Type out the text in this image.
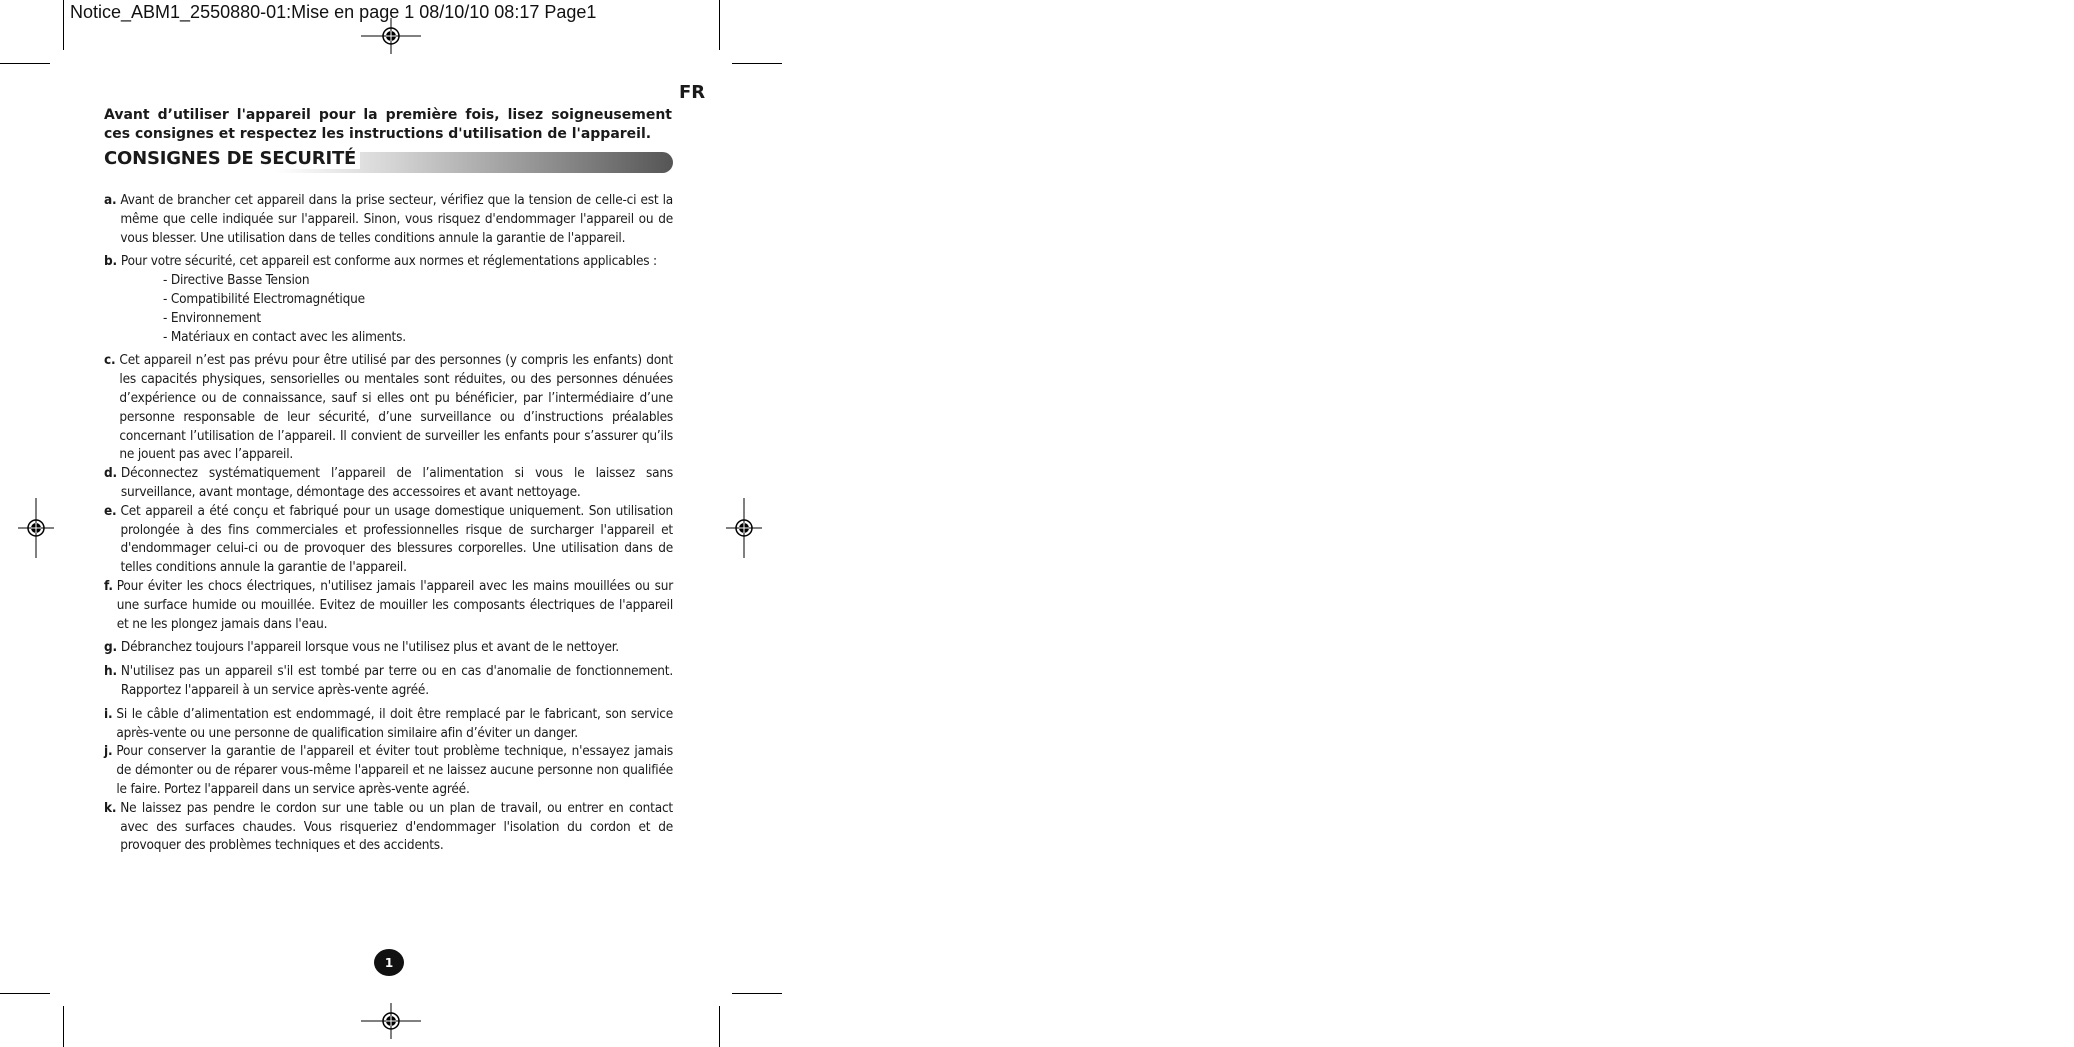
Notice_ABM1_2550880-01:Mise en page 1 08/10/10 08:17 Page1
FR
Avant d’utiliser l'appareil pour la première fois, lisez soigneusement ces consignes et respectez les instructions d'utilisation de l'appareil.
CONSIGNES DE SECURITÉ
a. Avant de brancher cet appareil dans la prise secteur, vérifiez que la tension de celle-ci est la même que celle indiquée sur l'appareil. Sinon, vous risquez d'endommager l'appareil ou de vous blesser. Une utilisation dans de telles conditions annule la garantie de l'appareil.
b. Pour votre sécurité, cet appareil est conforme aux normes et réglementations applicables :
- Directive Basse Tension
- Compatibilité Electromagnétique
- Environnement
- Matériaux en contact avec les aliments.
c. Cet appareil n’est pas prévu pour être utilisé par des personnes (y compris les enfants) dont les capacités physiques, sensorielles ou mentales sont réduites, ou des personnes dénuées d’expérience ou de connaissance, sauf si elles ont pu bénéficier, par l’intermédiaire d’une personne responsable de leur sécurité, d’une surveillance ou d’instructions préalables concernant l’utilisation de l’appareil. Il convient de surveiller les enfants pour s’assurer qu’ils ne jouent pas avec l’appareil.
d. Déconnectez systématiquement l’appareil de l’alimentation si vous le laissez sans surveillance, avant montage, démontage des accessoires et avant nettoyage.
e. Cet appareil a été conçu et fabriqué pour un usage domestique uniquement. Son utilisation prolongée à des fins commerciales et professionnelles risque de surcharger l'appareil et d'endommager celui-ci ou de provoquer des blessures corporelles. Une utilisation dans de telles conditions annule la garantie de l'appareil.
f. Pour éviter les chocs électriques, n'utilisez jamais l'appareil avec les mains mouillées ou sur une surface humide ou mouillée. Evitez de mouiller les composants électriques de l'appareil et ne les plongez jamais dans l'eau.
g. Débranchez toujours l'appareil lorsque vous ne l'utilisez plus et avant de le nettoyer.
h. N'utilisez pas un appareil s'il est tombé par terre ou en cas d'anomalie de fonctionnement. Rapportez l'appareil à un service après-vente agréé.
i. Si le câble d’alimentation est endommagé, il doit être remplacé par le fabricant, son service après-vente ou une personne de qualification similaire afin d’éviter un danger.
j. Pour conserver la garantie de l'appareil et éviter tout problème technique, n'essayez jamais de démonter ou de réparer vous-même l'appareil et ne laissez aucune personne non qualifiée le faire. Portez l'appareil dans un service après-vente agréé.
k. Ne laissez pas pendre le cordon sur une table ou un plan de travail, ou entrer en contact avec des surfaces chaudes. Vous risqueriez d'endommager l'isolation du cordon et de provoquer des problèmes techniques et des accidents.
1
